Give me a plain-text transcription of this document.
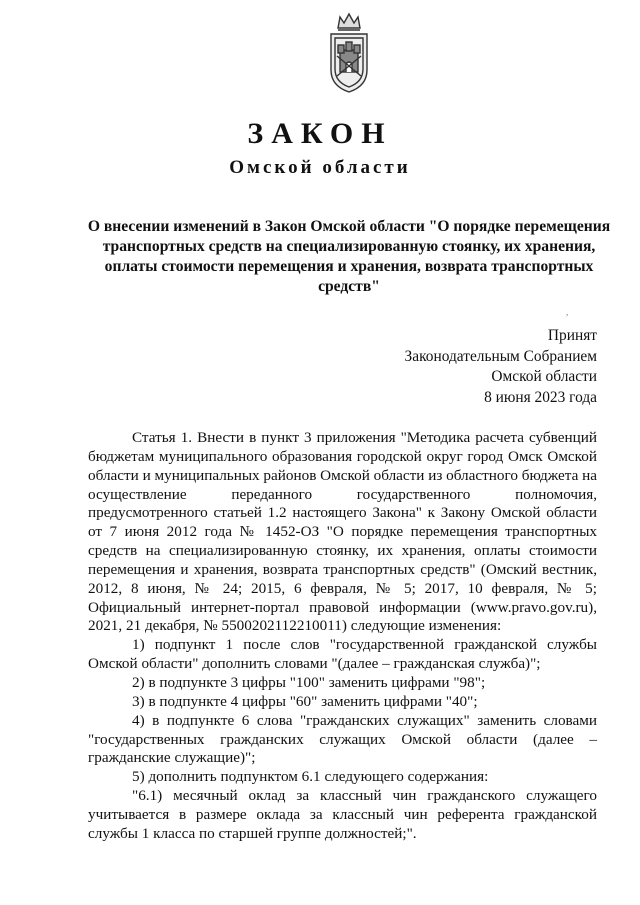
ЗАКОН
Омской области
О внесении изменений в Закон Омской области "О порядке перемещения транспортных средств на специализированную стоянку, их хранения, оплаты стоимости перемещения и хранения, возврата транспортных средств"
,
Принят
Законодательным Собранием
Омской области
8 июня 2023 года

Статья 1. Внести в пункт 3 приложения "Методика расчета субвенций бюджетам муниципального образования городской округ город Омск Омской области и муниципальных районов Омской области из областного бюджета на осуществление переданного государственного полномочия, предусмотренного статьей 1.2 настоящего Закона" к Закону Омской области от 7 июня 2012 года № 1452-ОЗ "О порядке перемещения транспортных средств на специализированную стоянку, их хранения, оплаты стоимости перемещения и хранения, возврата транспортных средств" (Омский вестник, 2012, 8 июня, № 24; 2015, 6 февраля, № 5; 2017, 10 февраля, № 5; Официальный интернет-портал правовой информации (www.pravo.gov.ru), 2021, 21 декабря, № 5500202112210011) следующие изменения:

1) подпункт 1 после слов "государственной гражданской службы Омской области" дополнить словами "(далее – гражданская служба)";

2) в подпункте 3 цифры "100" заменить цифрами "98";

3) в подпункте 4 цифры "60" заменить цифрами "40";

4) в подпункте 6 слова "гражданских служащих" заменить словами "государственных гражданских служащих Омской области (далее – гражданские служащие)";

5) дополнить подпунктом 6.1 следующего содержания:

"6.1) месячный оклад за классный чин гражданского служащего учитывается в размере оклада за классный чин референта гражданской службы 1 класса по старшей группе должностей;".
